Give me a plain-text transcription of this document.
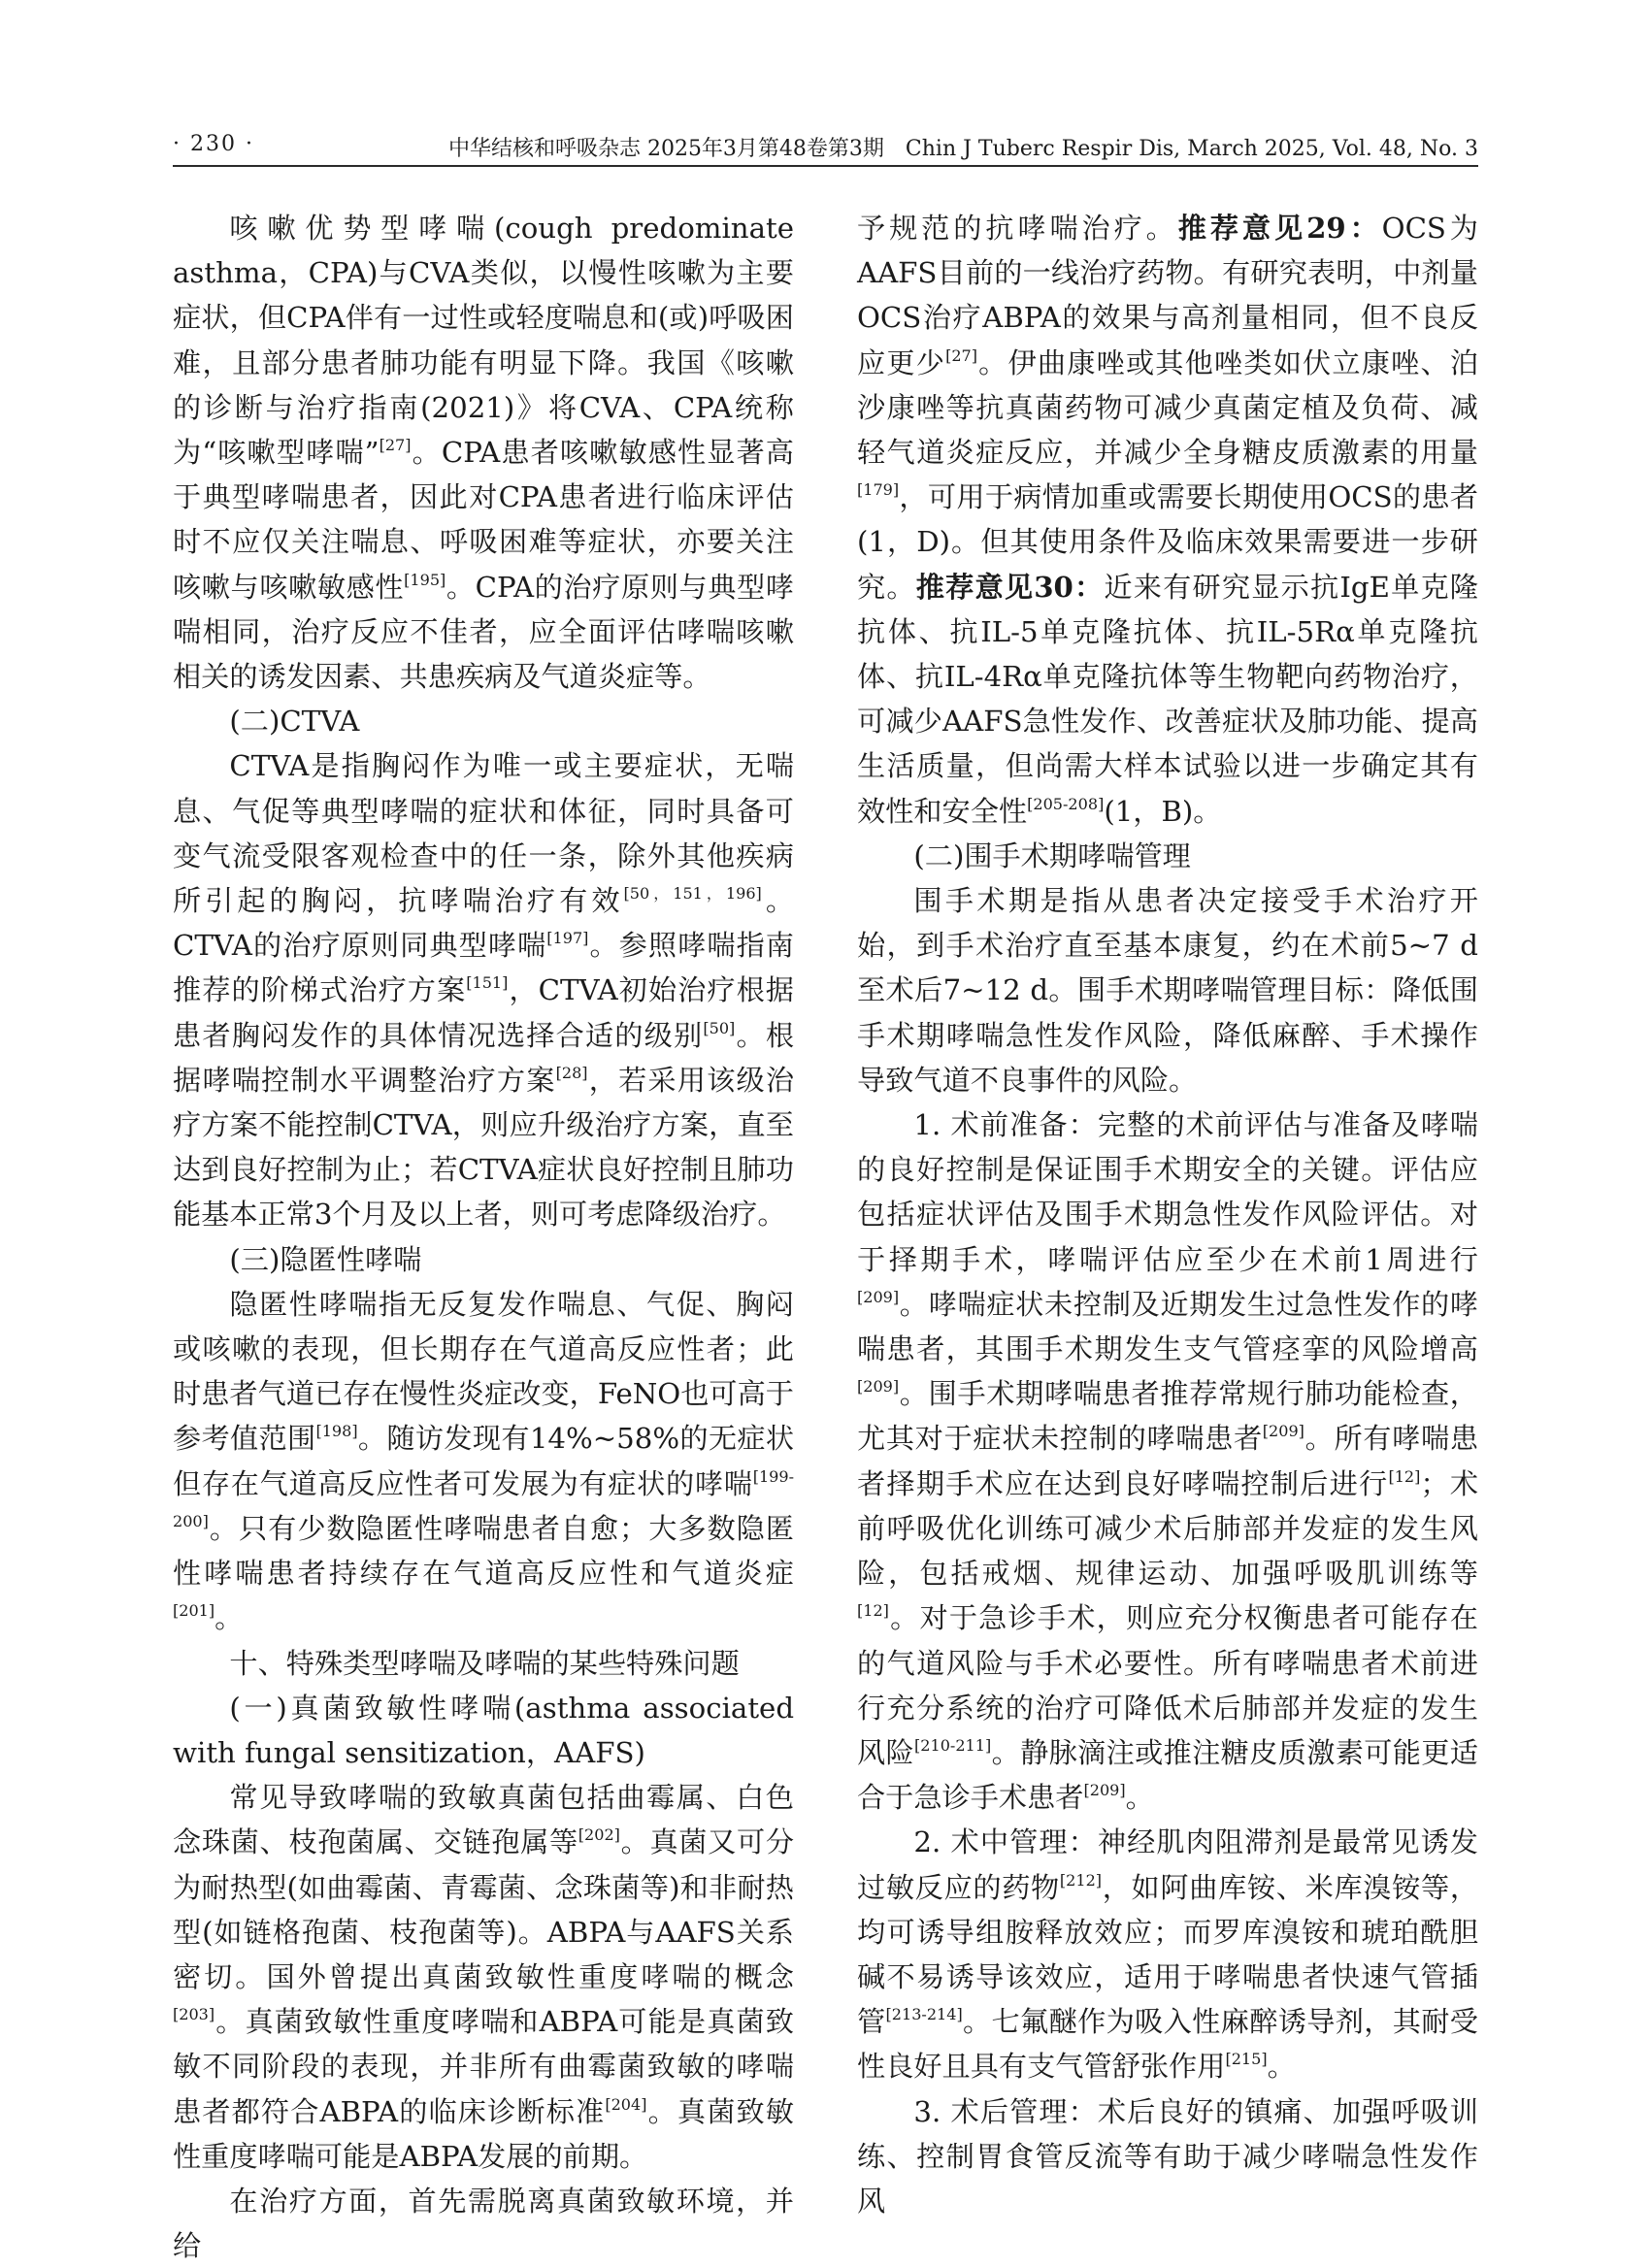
· 230 ·	中华结核和呼吸杂志 2025年3月第48卷第3期　Chin J Tuberc Respir Dis, March 2025, Vol. 48, No. 3

咳嗽优势型哮喘(cough predominate asthma，CPA)与CVA类似，以慢性咳嗽为主要症状，但CPA伴有一过性或轻度喘息和(或)呼吸困难，且部分患者肺功能有明显下降。我国《咳嗽的诊断与治疗指南(2021)》将CVA、CPA统称为“咳嗽型哮喘”[27]。CPA患者咳嗽敏感性显著高于典型哮喘患者，因此对CPA患者进行临床评估时不应仅关注喘息、呼吸困难等症状，亦要关注咳嗽与咳嗽敏感性[195]。CPA的治疗原则与典型哮喘相同，治疗反应不佳者，应全面评估哮喘咳嗽相关的诱发因素、共患疾病及气道炎症等。

(二)CTVA

CTVA是指胸闷作为唯一或主要症状，无喘息、气促等典型哮喘的症状和体征，同时具备可变气流受限客观检查中的任一条，除外其他疾病所引起的胸闷，抗哮喘治疗有效[50，151，196]。CTVA的治疗原则同典型哮喘[197]。参照哮喘指南推荐的阶梯式治疗方案[151]，CTVA初始治疗根据患者胸闷发作的具体情况选择合适的级别[50]。根据哮喘控制水平调整治疗方案[28]，若采用该级治疗方案不能控制CTVA，则应升级治疗方案，直至达到良好控制为止；若CTVA症状良好控制且肺功能基本正常3个月及以上者，则可考虑降级治疗。

(三)隐匿性哮喘

隐匿性哮喘指无反复发作喘息、气促、胸闷或咳嗽的表现，但长期存在气道高反应性者；此时患者气道已存在慢性炎症改变，FeNO也可高于参考值范围[198]。随访发现有14%~58%的无症状但存在气道高反应性者可发展为有症状的哮喘[199-200]。只有少数隐匿性哮喘患者自愈；大多数隐匿性哮喘患者持续存在气道高反应性和气道炎症[201]。

十、特殊类型哮喘及哮喘的某些特殊问题

(一)真菌致敏性哮喘(asthma associated with fungal sensitization，AAFS)

常见导致哮喘的致敏真菌包括曲霉属、白色念珠菌、枝孢菌属、交链孢属等[202]。真菌又可分为耐热型(如曲霉菌、青霉菌、念珠菌等)和非耐热型(如链格孢菌、枝孢菌等)。ABPA与AAFS关系密切。国外曾提出真菌致敏性重度哮喘的概念[203]。真菌致敏性重度哮喘和ABPA可能是真菌致敏不同阶段的表现，并非所有曲霉菌致敏的哮喘患者都符合ABPA的临床诊断标准[204]。真菌致敏性重度哮喘可能是ABPA发展的前期。

在治疗方面，首先需脱离真菌致敏环境，并给

予规范的抗哮喘治疗。推荐意见29：OCS为AAFS目前的一线治疗药物。有研究表明，中剂量OCS治疗ABPA的效果与高剂量相同，但不良反应更少[27]。伊曲康唑或其他唑类如伏立康唑、泊沙康唑等抗真菌药物可减少真菌定植及负荷、减轻气道炎症反应，并减少全身糖皮质激素的用量[179]，可用于病情加重或需要长期使用OCS的患者(1，D)。但其使用条件及临床效果需要进一步研究。推荐意见30：近来有研究显示抗IgE单克隆抗体、抗IL-5单克隆抗体、抗IL-5Rα单克隆抗体、抗IL-4Rα单克隆抗体等生物靶向药物治疗，可减少AAFS急性发作、改善症状及肺功能、提高生活质量，但尚需大样本试验以进一步确定其有效性和安全性[205-208](1，B)。

(二)围手术期哮喘管理

围手术期是指从患者决定接受手术治疗开始，到手术治疗直至基本康复，约在术前5~7 d至术后7~12 d。围手术期哮喘管理目标：降低围手术期哮喘急性发作风险，降低麻醉、手术操作导致气道不良事件的风险。

1. 术前准备：完整的术前评估与准备及哮喘的良好控制是保证围手术期安全的关键。评估应包括症状评估及围手术期急性发作风险评估。对于择期手术，哮喘评估应至少在术前1周进行[209]。哮喘症状未控制及近期发生过急性发作的哮喘患者，其围手术期发生支气管痉挛的风险增高[209]。围手术期哮喘患者推荐常规行肺功能检查，尤其对于症状未控制的哮喘患者[209]。所有哮喘患者择期手术应在达到良好哮喘控制后进行[12]；术前呼吸优化训练可减少术后肺部并发症的发生风险，包括戒烟、规律运动、加强呼吸肌训练等[12]。对于急诊手术，则应充分权衡患者可能存在的气道风险与手术必要性。所有哮喘患者术前进行充分系统的治疗可降低术后肺部并发症的发生风险[210-211]。静脉滴注或推注糖皮质激素可能更适合于急诊手术患者[209]。

2. 术中管理：神经肌肉阻滞剂是最常见诱发过敏反应的药物[212]，如阿曲库铵、米库溴铵等，均可诱导组胺释放效应；而罗库溴铵和琥珀酰胆碱不易诱导该效应，适用于哮喘患者快速气管插管[213-214]。七氟醚作为吸入性麻醉诱导剂，其耐受性良好且具有支气管舒张作用[215]。

3. 术后管理：术后良好的镇痛、加强呼吸训练、控制胃食管反流等有助于减少哮喘急性发作风
